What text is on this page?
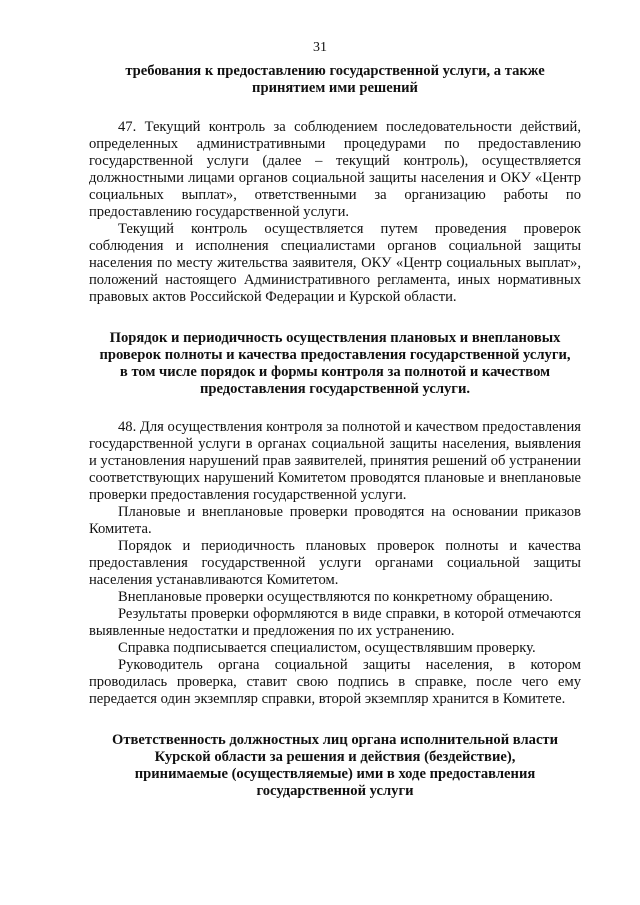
31

требования к предоставлению государственной услуги, а также принятием ими решений

47. Текущий контроль за соблюдением последовательности действий, определенных административными процедурами по предоставлению государственной услуги (далее – текущий контроль), осуществляется должностными лицами органов социальной защиты населения и ОКУ «Центр социальных выплат», ответственными за организацию работы по предоставлению государственной услуги.

Текущий контроль осуществляется путем проведения проверок соблюдения и исполнения специалистами органов социальной защиты населения по месту жительства заявителя, ОКУ «Центр социальных выплат», положений настоящего Административного регламента, иных нормативных правовых актов Российской Федерации и Курской области.

Порядок и периодичность осуществления плановых и внеплановых проверок полноты и качества предоставления государственной услуги, в том числе порядок и формы контроля за полнотой и качеством предоставления государственной услуги.

48. Для осуществления контроля за полнотой и качеством предоставления государственной услуги в органах социальной защиты населения, выявления и установления нарушений прав заявителей, принятия решений об устранении соответствующих нарушений Комитетом проводятся плановые и внеплановые проверки предоставления государственной услуги.

Плановые и внеплановые проверки проводятся на основании приказов Комитета.

Порядок и периодичность плановых проверок полноты и качества предоставления государственной услуги органами социальной защиты населения устанавливаются Комитетом.

Внеплановые проверки осуществляются по конкретному обращению.

Результаты проверки оформляются в виде справки, в которой отмечаются выявленные недостатки и предложения по их устранению.

Справка подписывается специалистом, осуществлявшим проверку.

Руководитель органа социальной защиты населения, в котором проводилась проверка, ставит свою подпись в справке, после чего ему передается один экземпляр справки, второй экземпляр хранится в Комитете.

Ответственность должностных лиц органа исполнительной власти Курской области за решения и действия (бездействие), принимаемые (осуществляемые) ими в ходе предоставления государственной услуги
